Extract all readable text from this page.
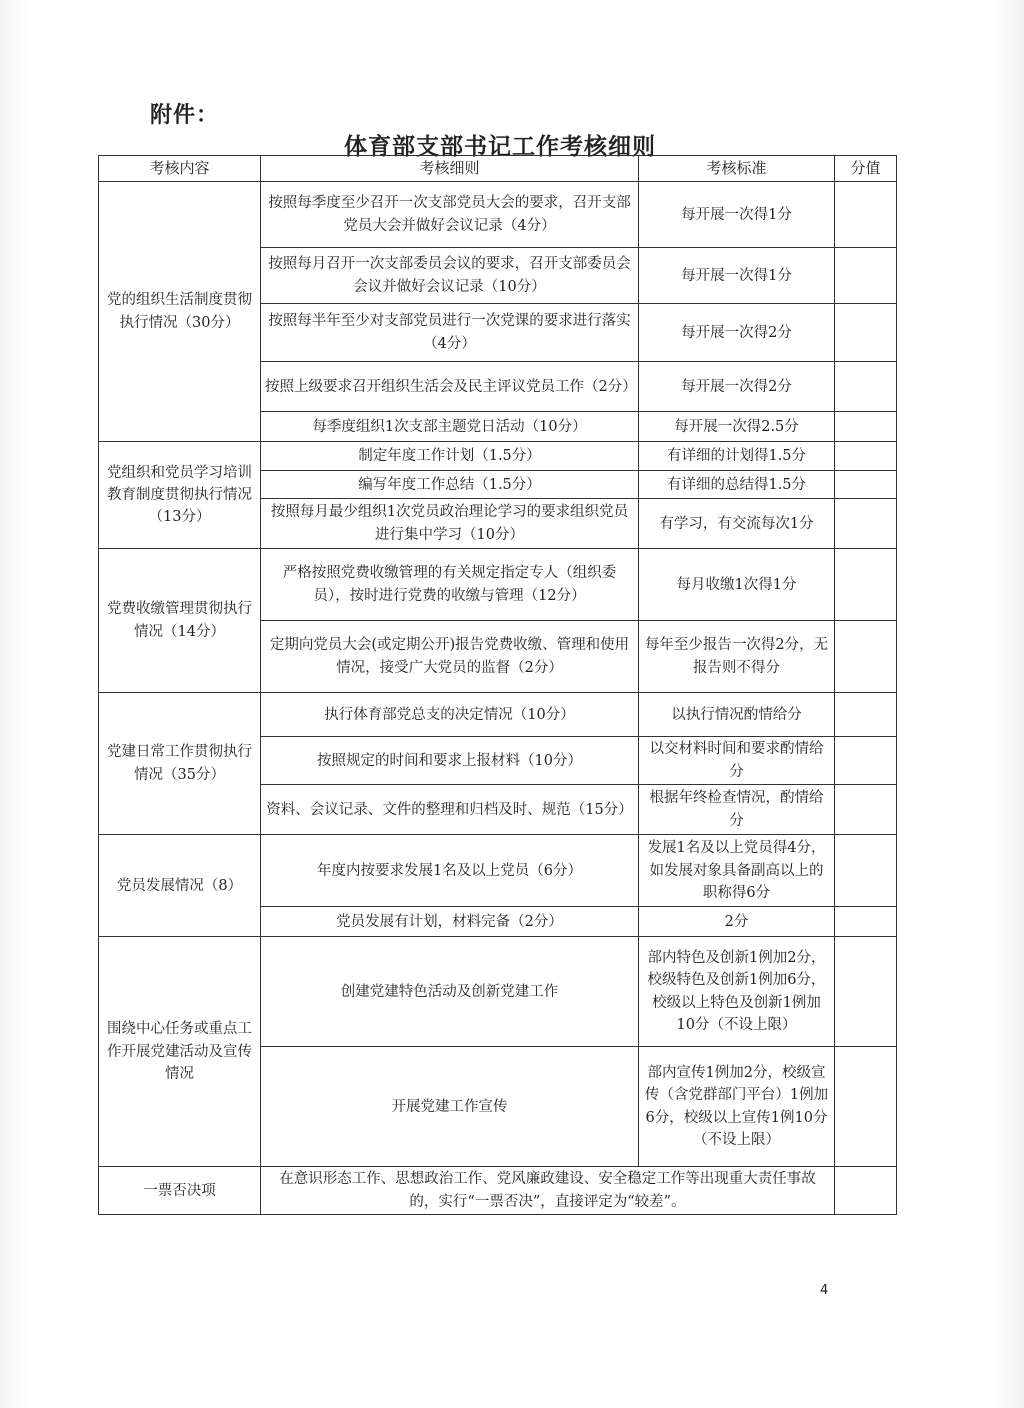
附件：
体育部支部书记工作考核细则
考核内容	考核细则	考核标准	分值
党的组织生活制度贯彻执行情况（30分）	按照每季度至少召开一次支部党员大会的要求，召开支部党员大会并做好会议记录（4分）	每开展一次得1分	
	按照每月召开一次支部委员会议的要求，召开支部委员会会议并做好会议记录（10分）	每开展一次得1分	
	按照每半年至少对支部党员进行一次党课的要求进行落实（4分）	每开展一次得2分	
	按照上级要求召开组织生活会及民主评议党员工作（2分）	每开展一次得2分	
	每季度组织1次支部主题党日活动（10分）	每开展一次得2.5分	
党组织和党员学习培训教育制度贯彻执行情况（13分）	制定年度工作计划（1.5分）	有详细的计划得1.5分	
	编写年度工作总结（1.5分）	有详细的总结得1.5分	
	按照每月最少组织1次党员政治理论学习的要求组织党员进行集中学习（10分）	有学习，有交流每次1分	
党费收缴管理贯彻执行情况（14分）	严格按照党费收缴管理的有关规定指定专人（组织委员），按时进行党费的收缴与管理（12分）	每月收缴1次得1分	
	定期向党员大会(或定期公开)报告党费收缴、管理和使用情况，接受广大党员的监督（2分）	每年至少报告一次得2分，无报告则不得分	
党建日常工作贯彻执行情况（35分）	执行体育部党总支的决定情况（10分）	以执行情况酌情给分	
	按照规定的时间和要求上报材料（10分）	以交材料时间和要求酌情给分	
	资料、会议记录、文件的整理和归档及时、规范（15分）	根据年终检查情况，酌情给分	
党员发展情况（8）	年度内按要求发展1名及以上党员（6分）	发展1名及以上党员得4分，如发展对象具备副高以上的职称得6分	
	党员发展有计划，材料完备（2分）	2分	
围绕中心任务或重点工作开展党建活动及宣传情况	创建党建特色活动及创新党建工作	部内特色及创新1例加2分，校级特色及创新1例加6分，校级以上特色及创新1例加10分（不设上限）	
	开展党建工作宣传	部内宣传1例加2分，校级宣传（含党群部门平台）1例加6分，校级以上宣传1例10分（不设上限）	
一票否决项	在意识形态工作、思想政治工作、党风廉政建设、安全稳定工作等出现重大责任事故的，实行“一票否决”，直接评定为“较差”。		
4
